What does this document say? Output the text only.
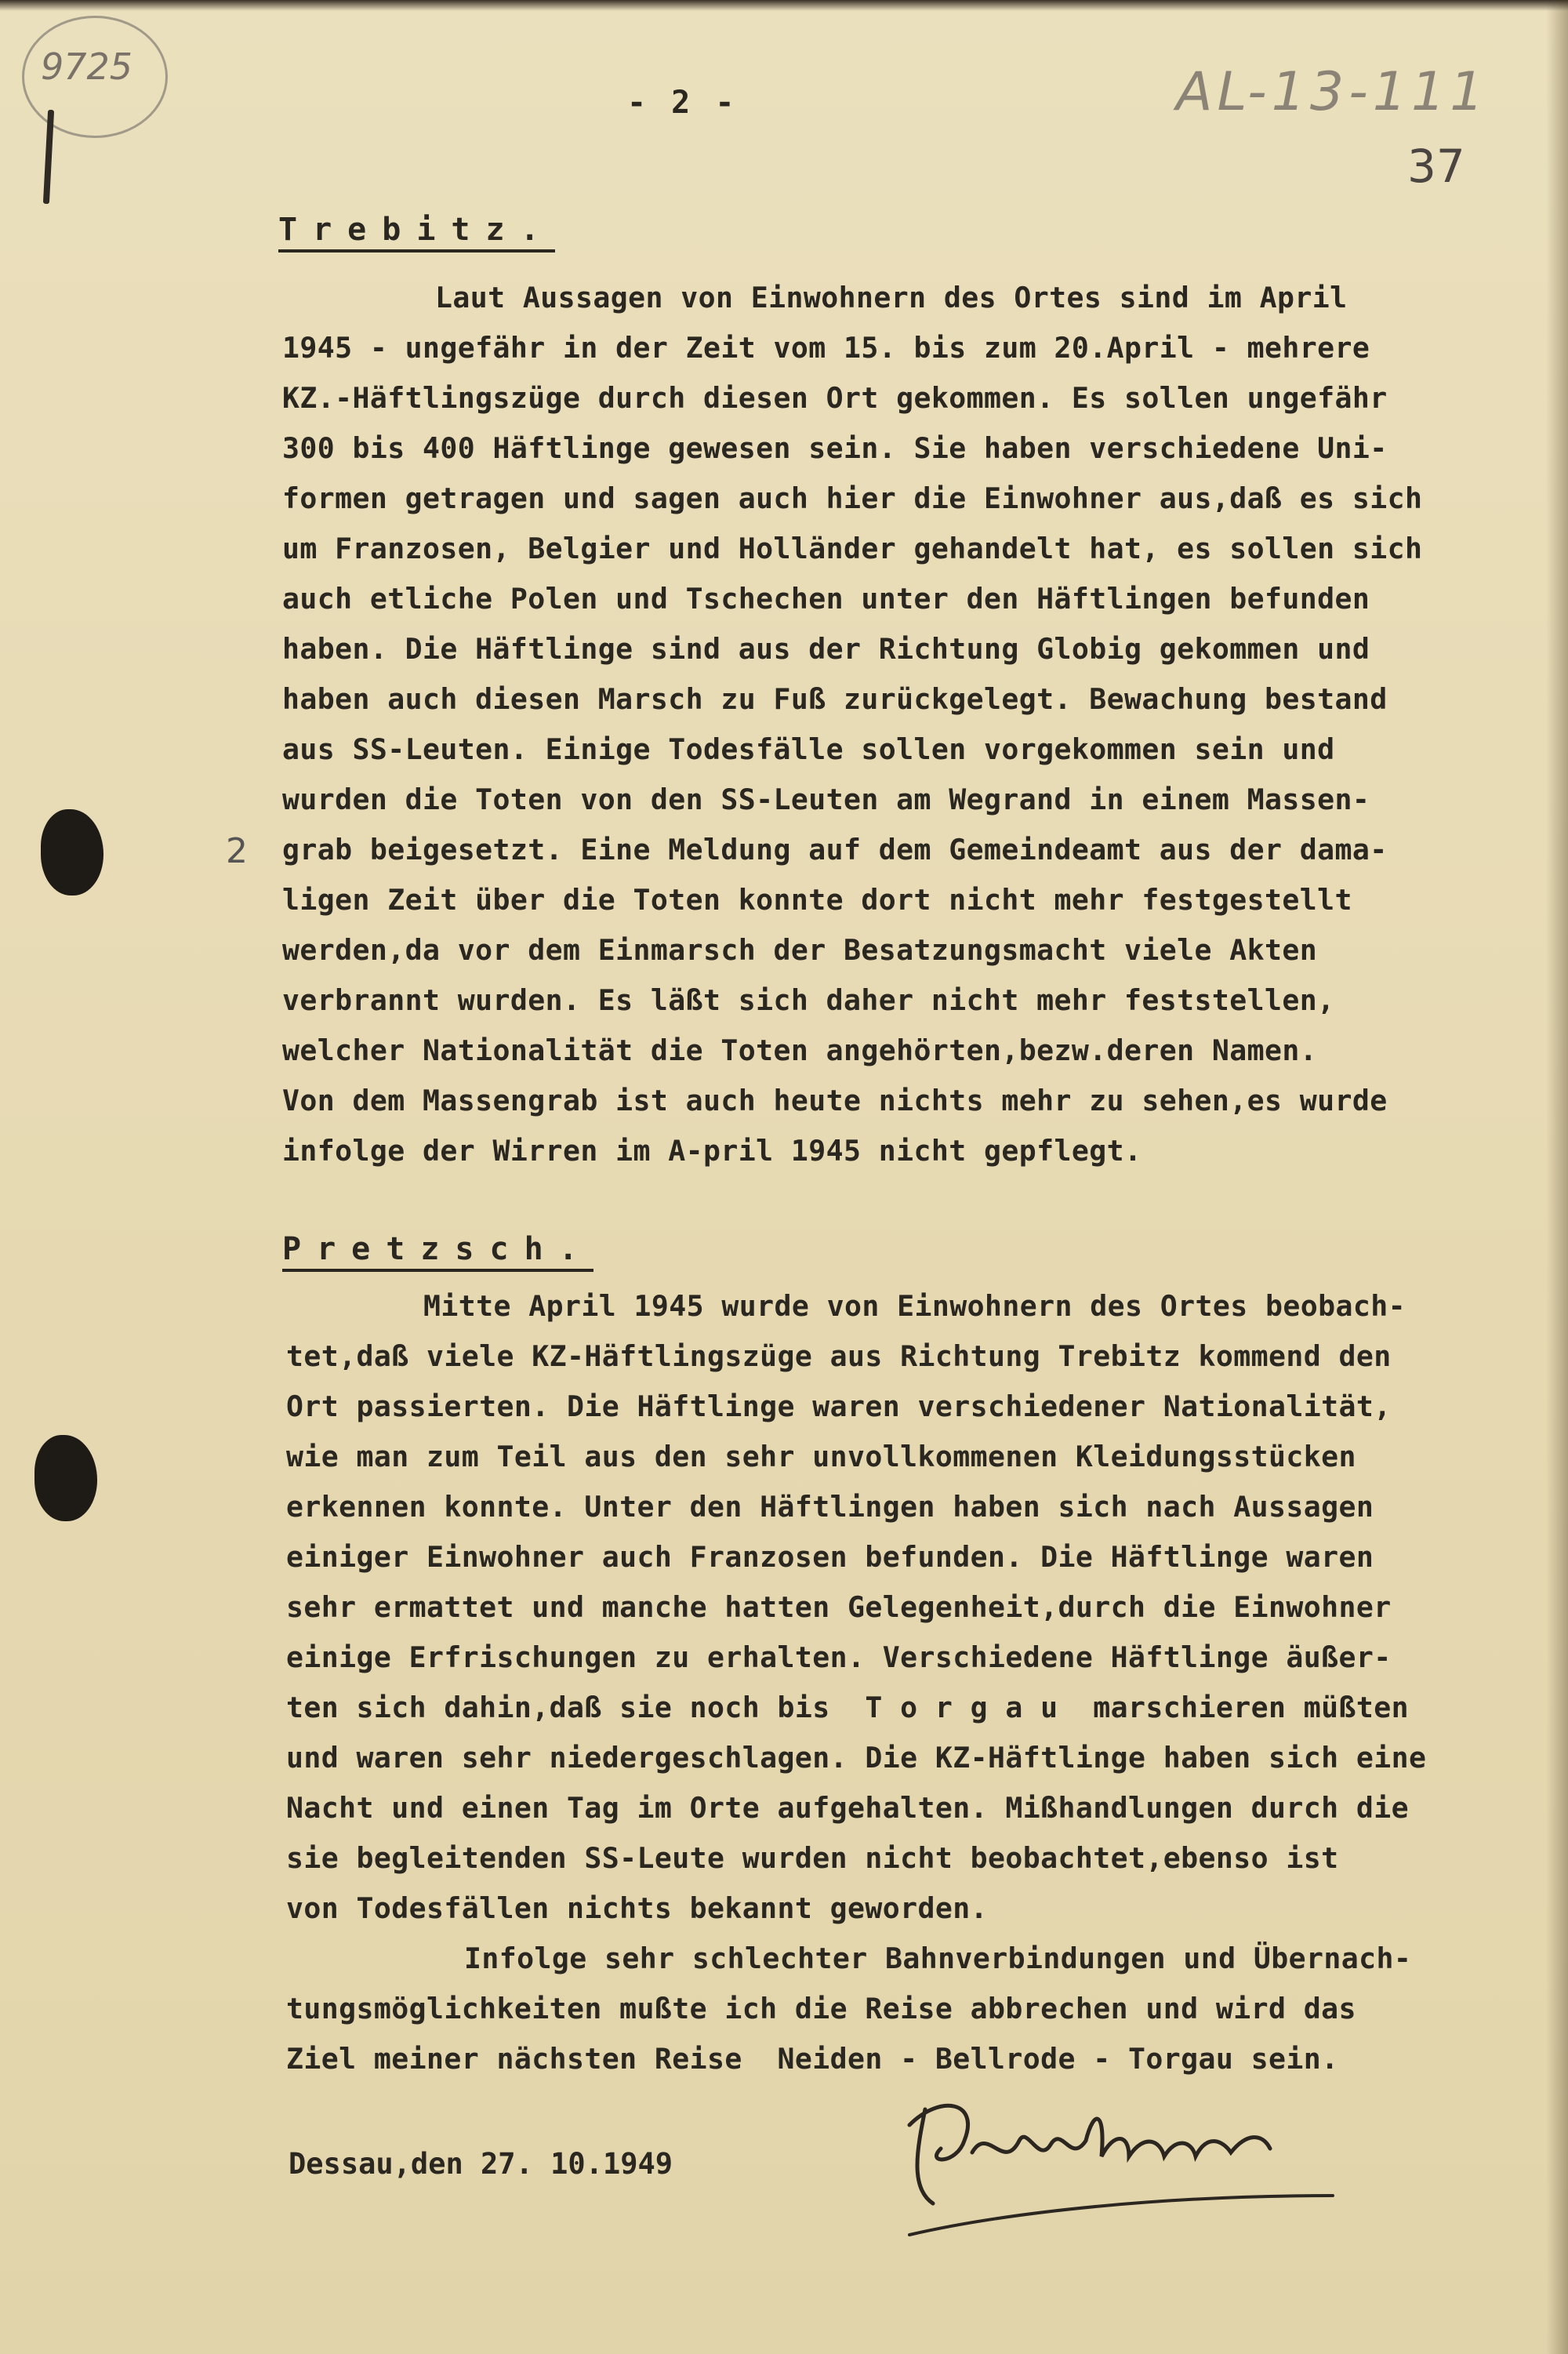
9725
- 2 -	AL-13-111
37
2
Trebitz.
Laut Aussagen von Einwohnern des Ortes sind im April
1945 - ungefähr in der Zeit vom 15. bis zum 20.April - mehrere
KZ.-Häftlingszüge durch diesen Ort gekommen. Es sollen ungefähr
300 bis 400 Häftlinge gewesen sein. Sie haben verschiedene Uni-
formen getragen und sagen auch hier die Einwohner aus,daß es sich
um Franzosen, Belgier und Holländer gehandelt hat, es sollen sich
auch etliche Polen und Tschechen unter den Häftlingen befunden
haben. Die Häftlinge sind aus der Richtung Globig gekommen und
haben auch diesen Marsch zu Fuß zurückgelegt. Bewachung bestand
aus SS-Leuten. Einige Todesfälle sollen vorgekommen sein und
wurden die Toten von den SS-Leuten am Wegrand in einem Massen-
grab beigesetzt. Eine Meldung auf dem Gemeindeamt aus der dama-
ligen Zeit über die Toten konnte dort nicht mehr festgestellt
werden,da vor dem Einmarsch der Besatzungsmacht viele Akten
verbrannt wurden. Es läßt sich daher nicht mehr feststellen,
welcher Nationalität die Toten angehörten,bezw.deren Namen.
Von dem Massengrab ist auch heute nichts mehr zu sehen,es wurde
infolge der Wirren im A-pril 1945 nicht gepflegt.
Pretzsch.
Mitte April 1945 wurde von Einwohnern des Ortes beobach-
tet,daß viele KZ-Häftlingszüge aus Richtung Trebitz kommend den
Ort passierten. Die Häftlinge waren verschiedener Nationalität,
wie man zum Teil aus den sehr unvollkommenen Kleidungsstücken
erkennen konnte. Unter den Häftlingen haben sich nach Aussagen
einiger Einwohner auch Franzosen befunden. Die Häftlinge waren
sehr ermattet und manche hatten Gelegenheit,durch die Einwohner
einige Erfrischungen zu erhalten. Verschiedene Häftlinge äußer-
ten sich dahin,daß sie noch bis  T o r g a u  marschieren müßten
und waren sehr niedergeschlagen. Die KZ-Häftlinge haben sich eine
Nacht und einen Tag im Orte aufgehalten. Mißhandlungen durch die
sie begleitenden SS-Leute wurden nicht beobachtet,ebenso ist
von Todesfällen nichts bekannt geworden.
Infolge sehr schlechter Bahnverbindungen und Übernach-
tungsmöglichkeiten mußte ich die Reise abbrechen und wird das
Ziel meiner nächsten Reise  Neiden - Bellrode - Torgau sein.
Dessau,den 27. 10.1949
